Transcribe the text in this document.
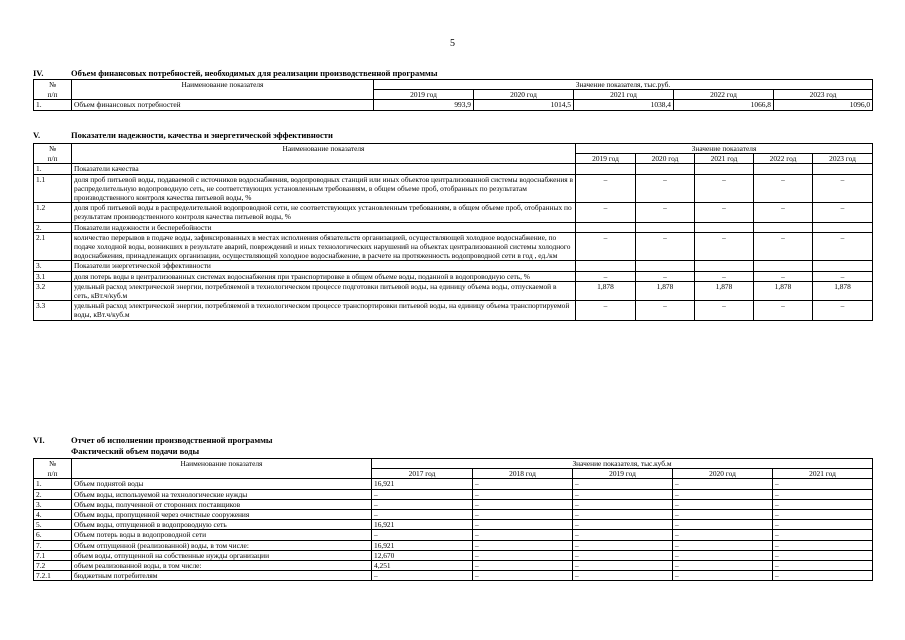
5
IV.	Объем финансовых потребностей, необходимых для реализации производственной программы
№	Наименование показателя	Значение показателя, тыс.руб.				
п/п		2019 год	2020 год	2021 год	2022 год	2023 год
1.	Объем финансовых потребностей	993,9	1014,5	1038,4	1066,8	1096,0
V.	Показатели надежности, качества и энергетической эффективности
№	Наименование показателя	Значение показателя				
п/п		2019 год	2020 год	2021 год	2022 год	2023 год
1.	Показатели качества					
1.1	доля проб питьевой воды, подаваемой с источников водоснабжения, водопроводных станций или иных объектов централизованной системы водоснабжения в распределительную водопроводную сеть, не соответствующих установленным требованиям, в общем объеме проб, отобранных по результатам производственного контроля качества питьевой воды, %	–	–	–	–	–
1.2	доля проб питьевой воды в распределительной водопроводной сети, не соответствующих установленным требованиям, в общем объеме проб, отобранных по результатам производственного контроля качества питьевой воды, %	–	–	–	–	–
2.	Показатели надежности и бесперебойности					
2.1	количество перерывов в подаче воды, зафиксированных в местах исполнения обязательств организацией, осуществляющей холодное водоснабжение, по подаче холодной воды, возникших в результате аварий, повреждений и иных технологических нарушений на объектах централизованной системы холодного водоснабжения, принадлежащих организации, осуществляющей холодное водоснабжение, в расчете на протяженность водопроводной сети в год , ед./км	–	–	–	–	–
3.	Показатели энергетической эффективности					
3.1	доля потерь воды в централизованных системах водоснабжения при транспортировке в общем объеме воды, поданной в водопроводную сеть, %	–	–	–	–	–
3.2	удельный расход электрической энергии, потребляемой в технологическом процессе подготовки питьевой воды, на единицу объема воды, отпускаемой в сеть, кВт.ч/куб.м	1,878	1,878	1,878	1,878	1,878
3.3	удельный расход электрической энергии, потребляемой в технологическом процессе транспортировки питьевой воды, на единицу объема транспортируемой воды, кВт.ч/куб.м	–	–	–	–	–
VI.	Отчет об исполнении производственной программы
Фактический объем подачи воды
№	Наименование показателя	Значение показателя, тыс.куб.м				
п/п		2017 год	2018 год	2019 год	2020 год	2021 год
1.	Объем поднятой воды	16,921	–	–	–	–
2.	Объем воды, используемой на технологические нужды	–	–	–	–	–
3.	Объем воды, полученной от сторонних поставщиков	–	–	–	–	–
4.	Объем воды, пропущенной через очистные сооружения	–	–	–	–	–
5.	Объем воды, отпущенной в водопроводную сеть	16,921	–	–	–	–
6.	Объем потерь воды в водопроводной сети	–	–	–	–	–
7.	Объем отпущенной (реализованной) воды, в том числе:	16,921	–	–	–	–
7.1	объем воды, отпущенной на собственные нужды организации	12,670	–	–	–	–
7.2	объем реализованной воды, в том числе:	4,251	–	–	–	–
7.2.1	бюджетным потребителям	–	–	–	–	–
